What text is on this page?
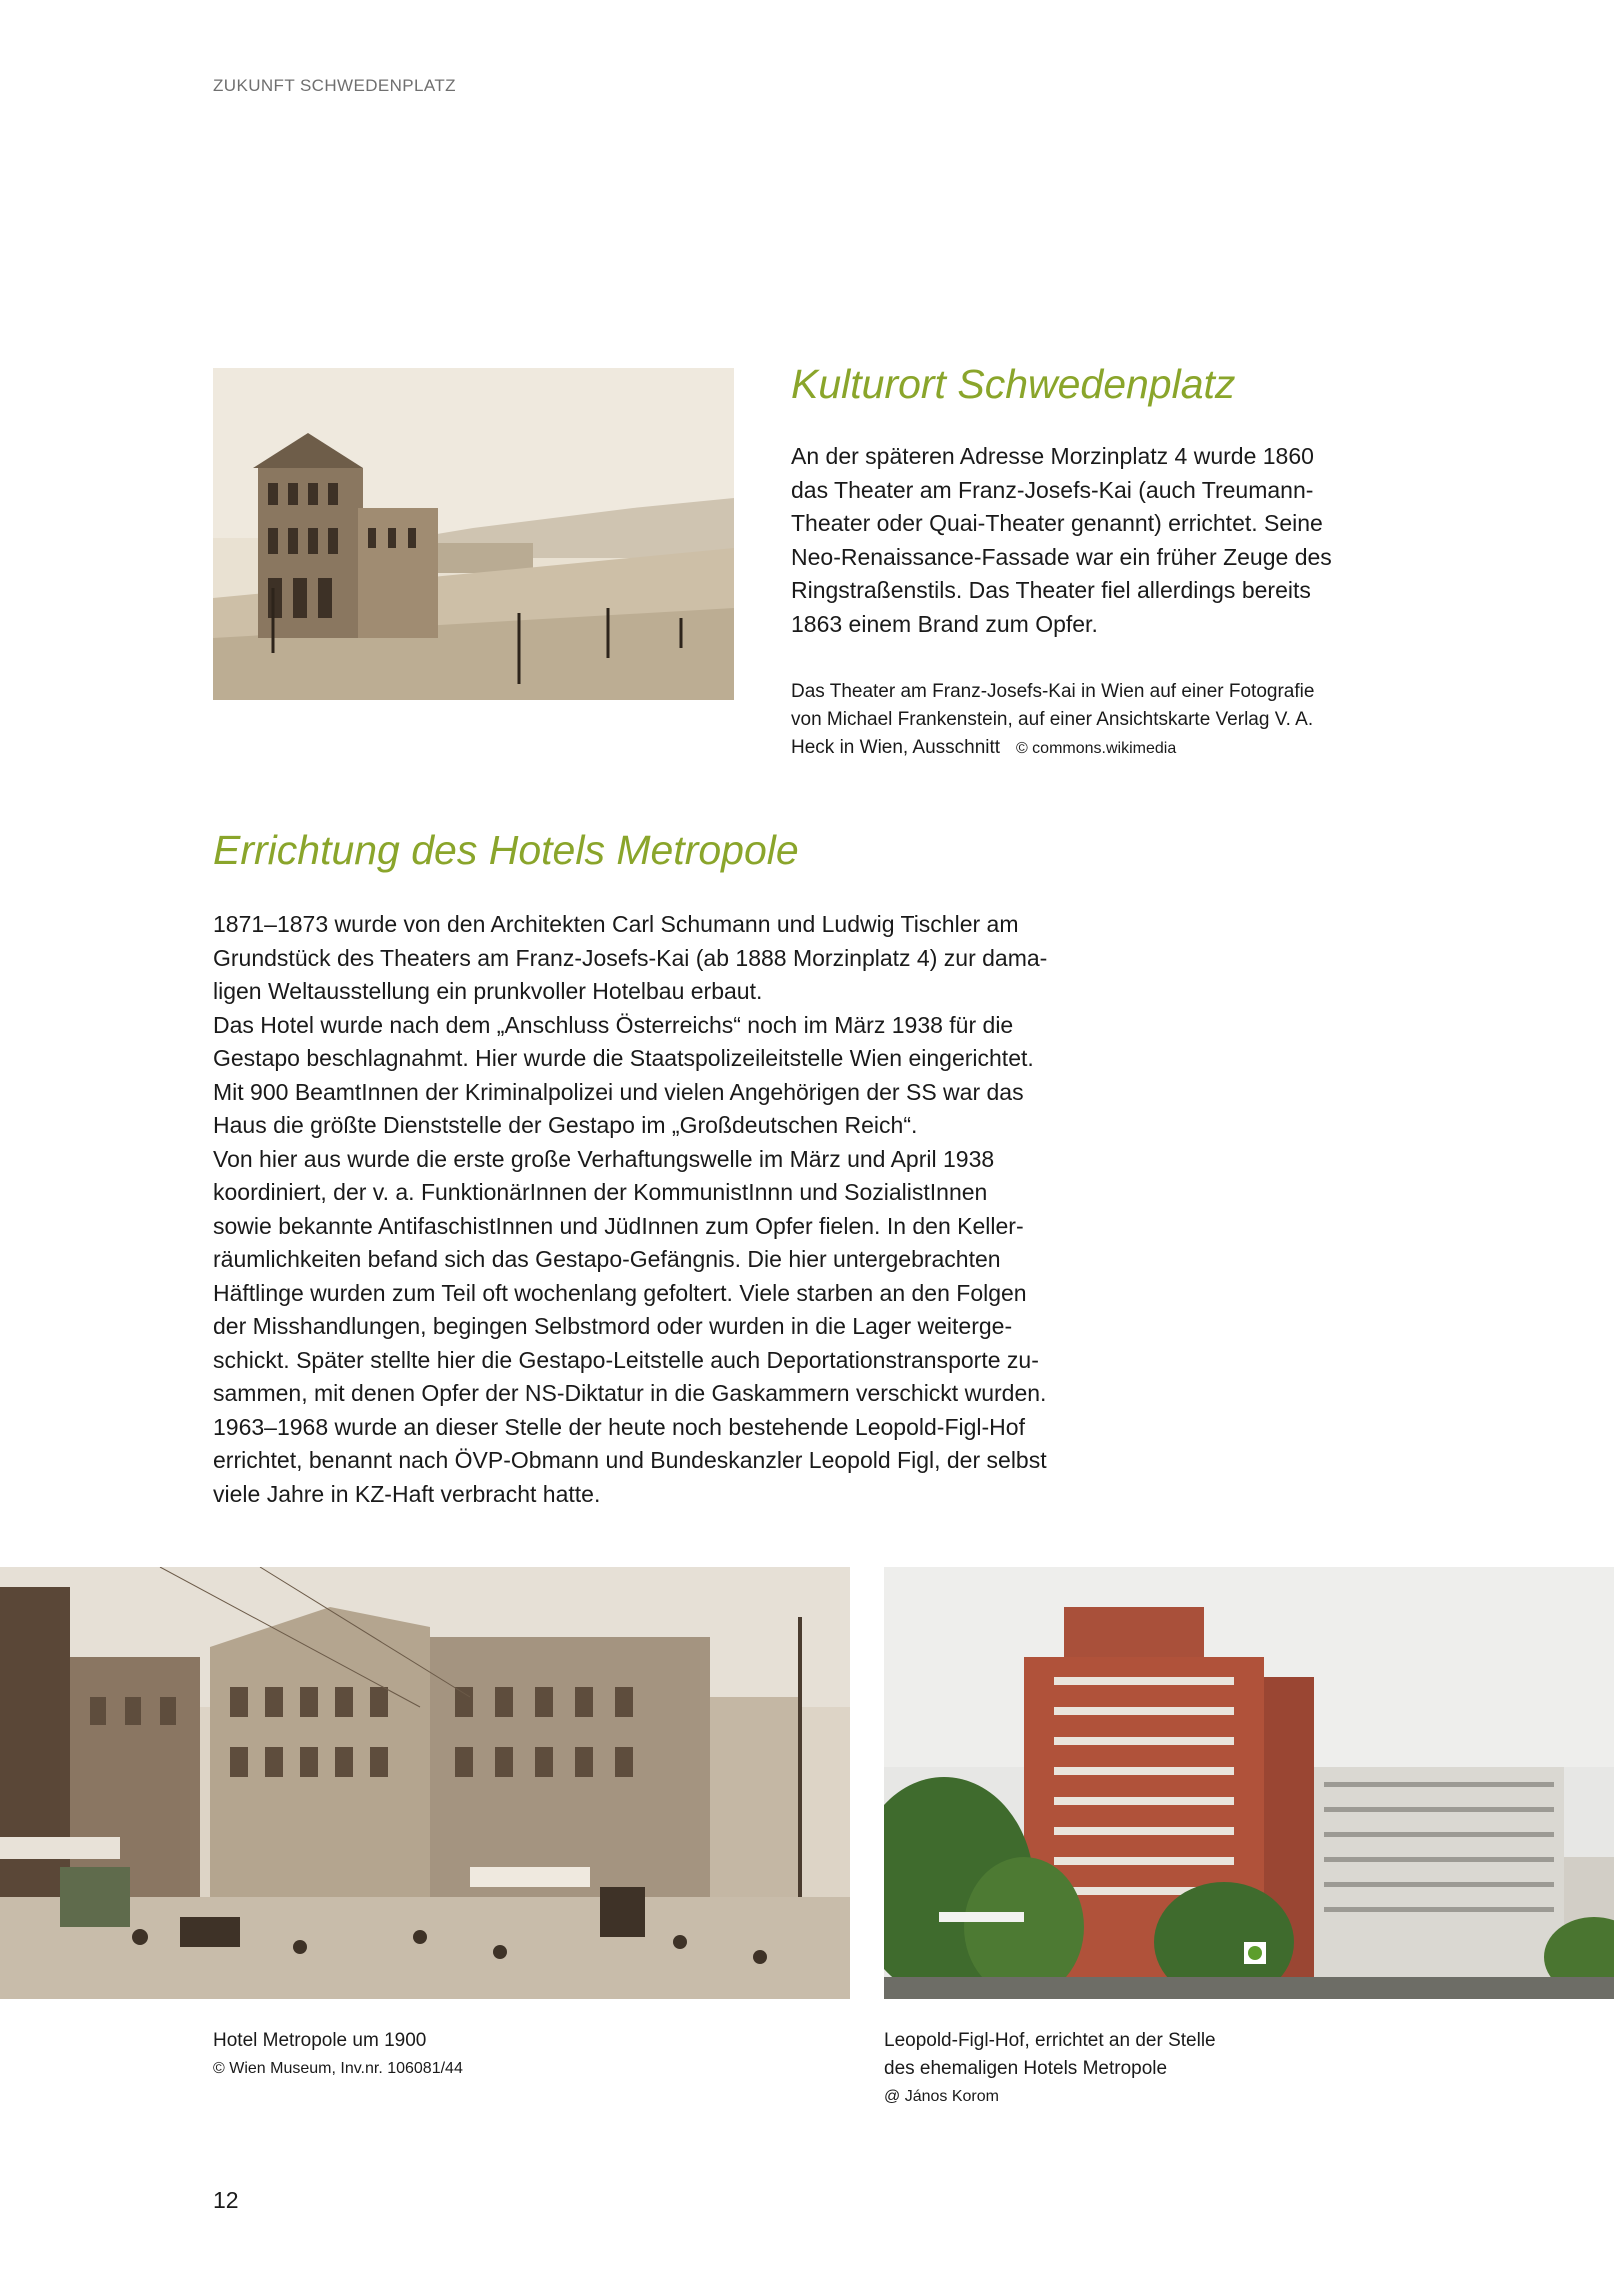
ZUKUNFT SCHWEDENPLATZ
Kulturort Schwedenplatz
An der späteren Adresse Morzinplatz 4 wurde 1860
das Theater am Franz-Josefs-Kai (auch Treumann-
Theater oder Quai-Theater genannt) errichtet. Seine
Neo-Renaissance-Fassade war ein früher Zeuge des
Ringstraßenstils. Das Theater fiel allerdings bereits
1863 einem Brand zum Opfer.
Das Theater am Franz-Josefs-Kai in Wien auf einer Fotografie
von Michael Frankenstein, auf einer Ansichtskarte Verlag V. A.
Heck in Wien, Ausschnitt © commons.wikimedia
Errichtung des Hotels Metropole
1871–1873 wurde von den Architekten Carl Schumann und Ludwig Tischler am
Grundstück des Theaters am Franz-Josefs-Kai (ab 1888 Morzinplatz 4) zur dama-
ligen Weltausstellung ein prunkvoller Hotelbau erbaut.
Das Hotel wurde nach dem „Anschluss Österreichs“ noch im März 1938 für die
Gestapo beschlagnahmt. Hier wurde die Staatspolizeileitstelle Wien eingerichtet.
Mit 900 BeamtInnen der Kriminalpolizei und vielen Angehörigen der SS war das
Haus die größte Dienststelle der Gestapo im „Großdeutschen Reich“.
Von hier aus wurde die erste große Verhaftungswelle im März und April 1938
koordiniert, der v. a. FunktionärInnen der KommunistInnn und SozialistInnen
sowie bekannte AntifaschistInnen und JüdInnen zum Opfer fielen. In den Keller-
räumlichkeiten befand sich das Gestapo-Gefängnis. Die hier untergebrachten
Häftlinge wurden zum Teil oft wochenlang gefoltert. Viele starben an den Folgen
der Misshandlungen, begingen Selbstmord oder wurden in die Lager weiterge-
schickt. Später stellte hier die Gestapo-Leitstelle auch Deportationstransporte zu-
sammen, mit denen Opfer der NS-Diktatur in die Gaskammern verschickt wurden.
1963–1968 wurde an dieser Stelle der heute noch bestehende Leopold-Figl-Hof
errichtet, benannt nach ÖVP-Obmann und Bundeskanzler Leopold Figl, der selbst
viele Jahre in KZ-Haft verbracht hatte.
Hotel Metropole um 1900
© Wien Museum, Inv.nr. 106081/44
Leopold-Figl-Hof, errichtet an der Stelle
des ehemaligen Hotels Metropole
@ János Korom
12
